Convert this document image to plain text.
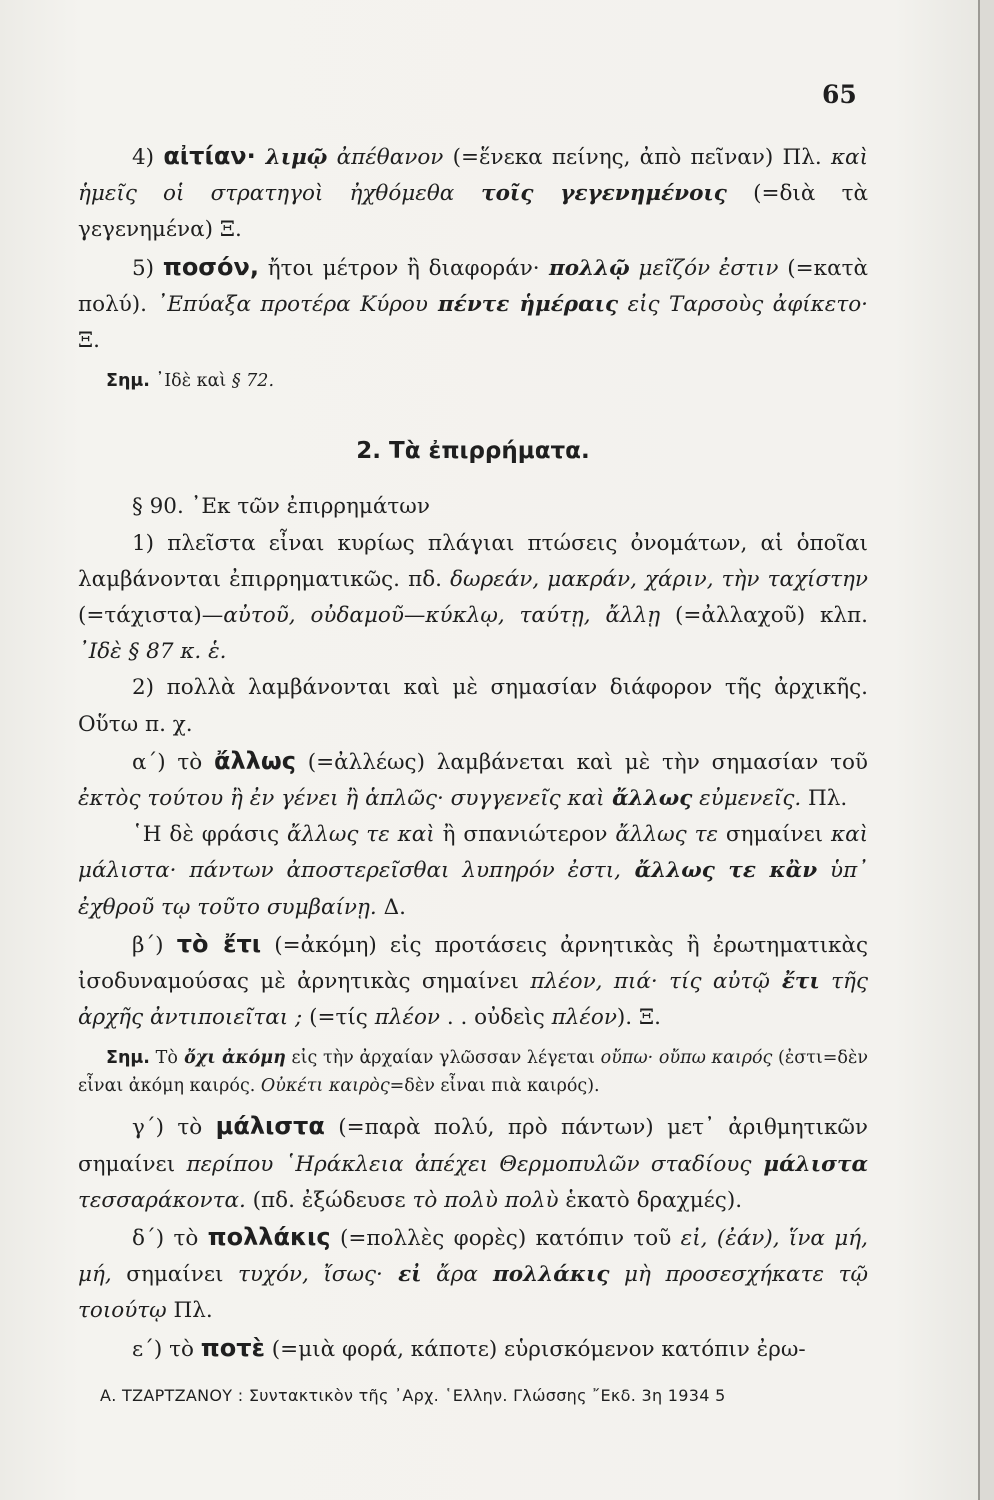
65

4) αἰτίαν· λιμῷ ἀπέθανον (=ἕνεκα πείνης, ἀπὸ πεῖναν) Πλ. καὶ ἡμεῖς οἱ στρατηγοὶ ἠχθόμεθα τοῖς γεγενημένοις (=διὰ τὰ γεγενημένα) Ξ.

5) ποσόν, ἤτοι μέτρον ἢ διαφοράν· πολλῷ μεῖζόν ἐστιν (=κατὰ πολύ). ᾿Επύαξα προτέρα Κύρου πέντε ἡμέραις εἰς Ταρσοὺς ἀφίκετο· Ξ.

Σημ. ᾿Ιδὲ καὶ § 72.

2. Τὰ ἐπιρρήματα.

§ 90. ᾿Εκ τῶν ἐπιρρημάτων

1) πλεῖστα εἶναι κυρίως πλάγιαι πτώσεις ὀνομάτων, αἱ ὁποῖαι λαμβάνονται ἐπιρρηματικῶς. πδ. δωρεάν, μακράν, χάριν, τὴν ταχίστην (=τάχιστα)—αὐτοῦ, οὐδαμοῦ—κύκλῳ, ταύτῃ, ἄλλῃ (=ἀλλαχοῦ) κλπ. ᾿Ιδὲ § 87 κ. ἑ.

2) πολλὰ λαμβάνονται καὶ μὲ σημασίαν διάφορον τῆς ἀρχικῆς. Οὕτω π. χ.

α΄) τὸ ἄλλως (=ἀλλέως) λαμβάνεται καὶ μὲ τὴν σημασίαν τοῦ ἐκτὸς τούτου ἢ ἐν γένει ἢ ἁπλῶς· συγγενεῖς καὶ ἄλλως εὐμενεῖς. Πλ.

῾Η δὲ φράσις ἄλλως τε καὶ ἢ σπανιώτερον ἄλλως τε σημαίνει καὶ μάλιστα· πάντων ἀποστερεῖσθαι λυπηρόν ἐστι, ἄλλως τε κἂν ὑπ᾿ ἐχθροῦ τῳ τοῦτο συμβαίνῃ. Δ.

β΄) τὸ ἔτι (=ἀκόμη) εἰς προτάσεις ἀρνητικὰς ἢ ἐρωτηματικὰς ἰσοδυναμούσας μὲ ἀρνητικὰς σημαίνει πλέον, πιά· τίς αὐτῷ ἔτι τῆς ἀρχῆς ἀντιποιεῖται ; (=τίς πλέον . . οὐδεὶς πλέον). Ξ.

Σημ. Τὸ ὄχι ἀκόμη εἰς τὴν ἀρχαίαν γλῶσσαν λέγεται οὔπω· οὔπω καιρός (ἐστι=δὲν εἶναι ἀκόμη καιρός. Οὐκέτι καιρὸς=δὲν εἶναι πιὰ καιρός).

γ΄) τὸ μάλιστα (=παρὰ πολύ, πρὸ πάντων) μετ᾿ ἀριθμητικῶν σημαίνει περίπου ῾Ηράκλεια ἀπέχει Θερμοπυλῶν σταδίους μάλιστα τεσσαράκοντα. (πδ. ἐξώδευσε τὸ πολὺ πολὺ ἑκατὸ δραχμές).

δ΄) τὸ πολλάκις (=πολλὲς φορὲς) κατόπιν τοῦ εἰ, (ἐάν), ἵνα μή, μή, σημαίνει τυχόν, ἴσως· εἰ ἄρα πολλάκις μὴ προσεσχήκατε τῷ τοιούτῳ Πλ.

ε΄) τὸ ποτὲ (=μιὰ φορά, κάποτε) εὑρισκόμενον κατόπιν ἐρω-

Α. ΤΖΑΡΤΖΑΝΟΥ : Συντακτικὸν τῆς ᾿Αρχ. ῾Ελλην. Γλώσσης ῎Εκδ. 3η 1934 5
